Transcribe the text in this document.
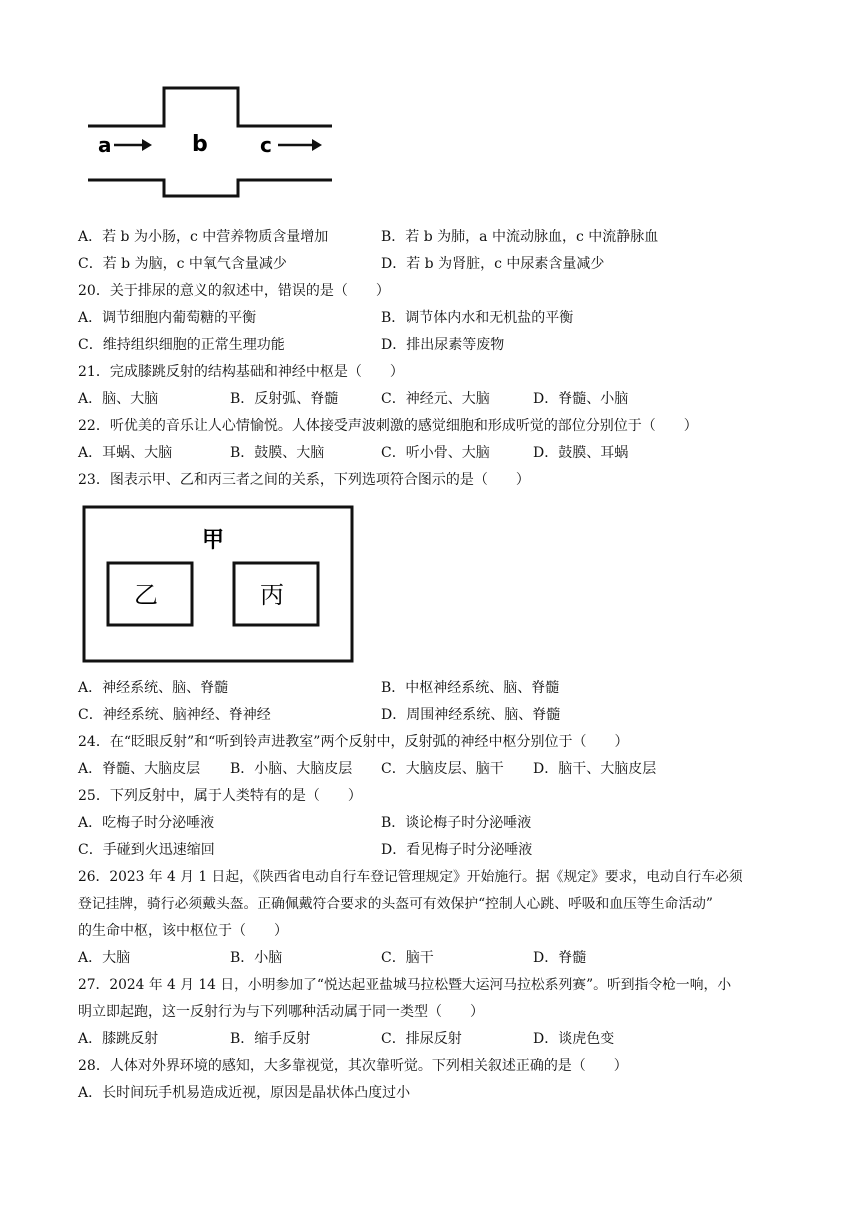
a	b	c
A．若 b 为小肠，c 中营养物质含量增加	B．若 b 为肺，a 中流动脉血，c 中流静脉血
C．若 b 为脑，c 中氧气含量减少	D．若 b 为肾脏，c 中尿素含量减少
20．关于排尿的意义的叙述中，错误的是（　　）
A．调节细胞内葡萄糖的平衡	B．调节体内水和无机盐的平衡
C．维持组织细胞的正常生理功能	D．排出尿素等废物
21．完成膝跳反射的结构基础和神经中枢是（　　）
A．脑、大脑	B．反射弧、脊髓	C．神经元、大脑	D．脊髓、小脑
22．听优美的音乐让人心情愉悦。人体接受声波刺激的感觉细胞和形成听觉的部位分别位于（　　）
A．耳蜗、大脑	B．鼓膜、大脑	C．听小骨、大脑	D．鼓膜、耳蜗
23．图表示甲、乙和丙三者之间的关系，下列选项符合图示的是（　　）
甲
乙	丙
A．神经系统、脑、脊髓	B．中枢神经系统、脑、脊髓
C．神经系统、脑神经、脊神经	D．周围神经系统、脑、脊髓
24．在“眨眼反射”和“听到铃声进教室”两个反射中，反射弧的神经中枢分别位于（　　）
A．脊髓、大脑皮层 B．小脑、大脑皮层 C．大脑皮层、脑干 D．脑干、大脑皮层
25．下列反射中，属于人类特有的是（　　）
A．吃梅子时分泌唾液	B．谈论梅子时分泌唾液
C．手碰到火迅速缩回	D．看见梅子时分泌唾液
26．2023 年 4 月 1 日起，《陕西省电动自行车登记管理规定》开始施行。据《规定》要求，电动自行车必须
登记挂牌，骑行必须戴头盔。正确佩戴符合要求的头盔可有效保护“控制人心跳、呼吸和血压等生命活动”
的生命中枢，该中枢位于（　　）
A．大脑	B．小脑	C．脑干	D．脊髓
27．2024 年 4 月 14 日，小明参加了“悦达起亚盐城马拉松暨大运河马拉松系列赛”。听到指令枪一响，小
明立即起跑，这一反射行为与下列哪种活动属于同一类型（　　）
A．膝跳反射	B．缩手反射	C．排尿反射	D．谈虎色变
28．人体对外界环境的感知，大多靠视觉，其次靠听觉。下列相关叙述正确的是（　　）
A．长时间玩手机易造成近视，原因是晶状体凸度过小
